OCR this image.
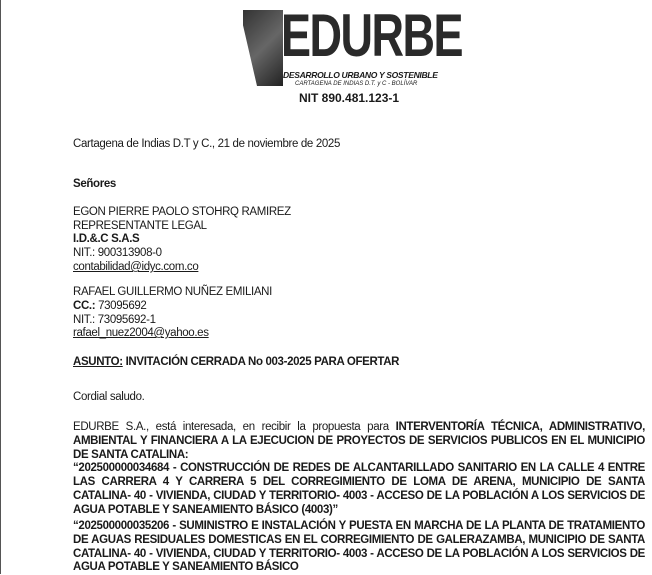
EDURBE
DESARROLLO URBANO Y SOSTENIBLE
CARTAGENA DE INDIAS D.T. y C - BOLÍVAR
NIT 890.481.123-1
Cartagena de Indias D.T y C., 21 de noviembre de 2025
Señores
EGON PIERRE PAOLO STOHRQ RAMIREZ
REPRESENTANTE LEGAL
I.D.&.C S.A.S
NIT.: 900313908-0
contabilidad@idyc.com.co
RAFAEL GUILLERMO NUÑEZ EMILIANI
CC.: 73095692
NIT.: 73095692-1
rafael_nuez2004@yahoo.es
ASUNTO: INVITACIÓN CERRADA No 003-2025 PARA OFERTAR
Cordial saludo.
EDURBE S.A., está interesada, en recibir la propuesta para INTERVENTORÍA TÉCNICA, ADMINISTRATIVO, AMBIENTAL Y FINANCIERA A LA EJECUCION DE PROYECTOS DE SERVICIOS PUBLICOS EN EL MUNICIPIO DE SANTA CATALINA:
“202500000034684 - CONSTRUCCIÓN DE REDES DE ALCANTARILLADO SANITARIO EN LA CALLE 4 ENTRE LAS CARRERA 4 Y CARRERA 5 DEL CORREGIMIENTO DE LOMA DE ARENA, MUNICIPIO DE SANTA CATALINA- 40 - VIVIENDA, CIUDAD Y TERRITORIO- 4003 - ACCESO DE LA POBLACIÓN A LOS SERVICIOS DE AGUA POTABLE Y SANEAMIENTO BÁSICO (4003)”
“202500000035206 - SUMINISTRO E INSTALACIÓN Y PUESTA EN MARCHA DE LA PLANTA DE TRATAMIENTO DE AGUAS RESIDUALES DOMESTICAS EN EL CORREGIMIENTO DE GALERAZAMBA, MUNICIPIO DE SANTA CATALINA- 40 - VIVIENDA, CIUDAD Y TERRITORIO- 4003 - ACCESO DE LA POBLACIÓN A LOS SERVICIOS DE AGUA POTABLE Y SANEAMIENTO BÁSICO
